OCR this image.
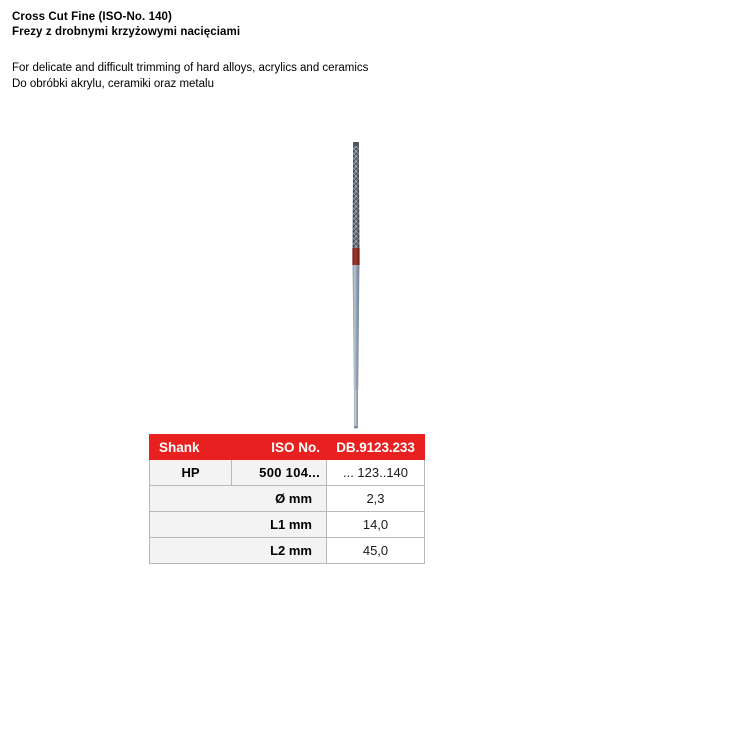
Cross Cut Fine (ISO-No. 140)
Frezy z drobnymi krzyżowymi nacięciami
For delicate and difficult trimming of hard alloys, acrylics and ceramics
Do obróbki akrylu, ceramiki oraz metalu
Shank	ISO No.	DB.9123.233
HP	500 104...	... 123..140
Ø mm		2,3
L1 mm		14,0
L2 mm		45,0
